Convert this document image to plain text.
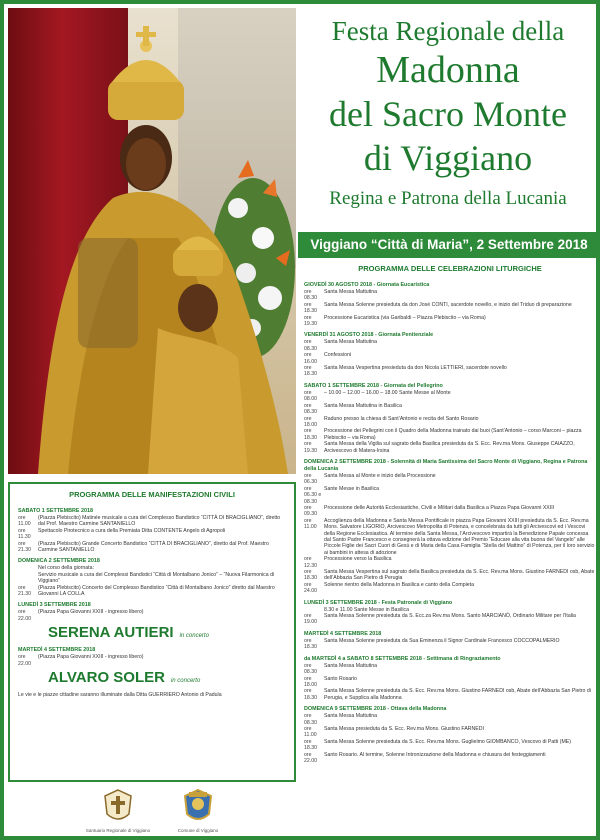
Festa Regionale della
Madonna
del Sacro Monte
di Viggiano
Regina e Patrona della Lucania
Viggiano “Città di Maria”, 2 Settembre 2018
PROGRAMMA DELLE CELEBRAZIONI LITURGICHE
GIOVEDÌ 30 AGOSTO 2018 - Giornata Eucaristica
ore 08.30
Santa Messa Mattutina
ore 18.30
Santa Messa Solenne presieduta da don José CONTI, sacerdote novello, e inizio del Triduo di preparazione
ore 19.30
Processione Eucaristica (via Garibaldi – Piazza Plebiscito – via Roma)
VENERDÌ 31 AGOSTO 2018 - Giornata Penitenziale
ore 08.30
Santa Messa Mattutina
ore 16.00
Confessioni
ore 18.30
Santa Messa Vespertina presieduta da don Nicola LETTIERI, sacerdote novello
SABATO 1 SETTEMBRE 2018 - Giornata del Pellegrino
ore 08.00
– 10.00 – 12.00 – 16.00 – 18.00 Sante Messe al Monte
ore 08.30
Santa Messa Mattutina in Basilica
ore 18.00
Raduno presso la chiesa di Sant’Antonio e recita del Santo Rosario
ore 18.30
Processione dei Pellegrini con il Quadro della Madonna trainato dai buoi (Sant’Antonio – corso Marconi – piazza Plebiscito – via Roma)
ore 19.30
Santa Messa della Vigilia sul sagrato della Basilica presieduta da S. Ecc. Rev.ma Mons. Giuseppe CAIAZZO, Arcivescovo di Matera-Irsina
DOMENICA 2 SETTEMBRE 2018 - Solennità di Maria Santissima del Sacro Monte di Viggiano, Regina e Patrona della Lucania
ore 06.30
Santa Messa al Monte e inizio della Processione
ore 06.30 e 08.30
Sante Messe in Basilica
ore 09.30
Processione delle Autorità Ecclesiastiche, Civili e Militari dalla Basilica a Piazza Papa Giovanni XXIII
ore 11.00
Accoglienza della Madonna e Santa Messa Pontificale in piazza Papa Giovanni XXIII presieduta da S. Ecc. Rev.ma Mons. Salvatore LIGORIO, Arcivescovo Metropolita di Potenza, e concelebrata da tutti gli Arcivescovi ed i Vescovi della Regione Ecclesiastica. Al termine della Santa Messa, l’Arcivescovo impartirà la Benedizione Papale concessa dal Santo Padre Francesco e consegnerà la ottava edizione del Premio “Educare alla vita buona del Vangelo” alle Piccole Figlie dei Sacri Cuori di Gesù e di Maria della Casa Famiglia “Stella del Mattino” di Potenza, per il loro servizio ai bambini in attesa di adozione
ore 12.30
Processione verso la Basilica
ore 18.30
Santa Messa Vespertina sul sagrato della Basilica presieduta da S. Ecc. Rev.ma Mons. Giustino FARNEDI osb, Abate dell’Abbazia San Pietro di Perugia
ore 24.00
Solenne rientro della Madonna in Basilica e canto della Compieta
LUNEDÌ 3 SETTEMBRE 2018 - Festa Patronale di Viggiano
8.30 e 11.00 Sante Messe in Basilica
ore 19.00
Santa Messa Solenne presieduta da S. Ecc.za Rev.ma Mons. Santo MARCIANÒ, Ordinario Militare per l’Italia
MARTEDÌ 4 SETTEMBRE 2018
ore 18.30
Santa Messa Solenne presieduta da Sua Eminenza il Signor Cardinale Francesco COCCOPALMERIO
da MARTEDÌ 4 a SABATO 8 SETTEMBRE 2018 - Settimana di Ringraziamento
ore 08.30
Santa Messa Mattutina
ore 18.00
Santo Rosario
ore 18.30
Santa Messa Solenne presieduta da S. Ecc. Rev.ma Mons. Giustino FARNEDI osb, Abate dell’Abbazia San Pietro di Perugia, e Supplica alla Madonna
DOMENICA 9 SETTEMBRE 2018 - Ottava della Madonna
ore 08.30
Santa Messa Mattutina
ore 11.00
Santa Messa presieduta da S. Ecc. Rev.ma Mons. Giustino FARNEDI
ore 18.30
Santa Messa Solenne presieduta da S. Ecc. Rev.ma Mons. Guglielmo GIOMBANCO, Vescovo di Patti (ME)
ore 22.00
Santo Rosario. Al termine, Solenne Intronizzazione della Madonna e chiusura dei festeggiamenti
PROGRAMMA DELLE MANIFESTAZIONI CIVILI
SABATO 1 SETTEMBRE 2018
ore 11.00
(Piazza Plebiscito) Matinée musicale a cura del Complesso Bandistico “CITTÀ DI BRACIGLIANO”, diretto dal Prof. Maestro Carmine SANTANIELLO
ore 11.30
Spettacolo Pirotecnico a cura della Premiata Ditta CONTENTE Angelo di Agropoli
ore 21.30
(Piazza Plebiscito) Grande Concerto Bandistico “CITTÀ DI BRACIGLIANO”, diretto dal Prof. Maestro Carmine SANTANIELLO
DOMENICA 2 SETTEMBRE 2018
Nel corso della giornata:
Servizio musicale a cura dei Complessi Bandistici “Città di Montalbano Jonico” – “Nuova Filarmonica di Viggiano”
ore 21.30
(Piazza Plebiscito) Concerto del Complesso Bandistico “Città di Montalbano Jonico” diretto dal Maestro Giovanni LA COLLA
LUNEDÌ 3 SETTEMBRE 2018
ore 22.00
(Piazza Papa Giovanni XXIII - ingresso libero)
SERENA AUTIERI in concerto
MARTEDÌ 4 SETTEMBRE 2018
ore 22.00
(Piazza Papa Giovanni XXIII - ingresso libero)
ALVARO SOLER in concerto
Le vie e le piazze cittadine saranno illuminate dalla Ditta GUERRIERO Antonio di Padula
Santuario Regionale di Viggiano	Comune di Viggiano
